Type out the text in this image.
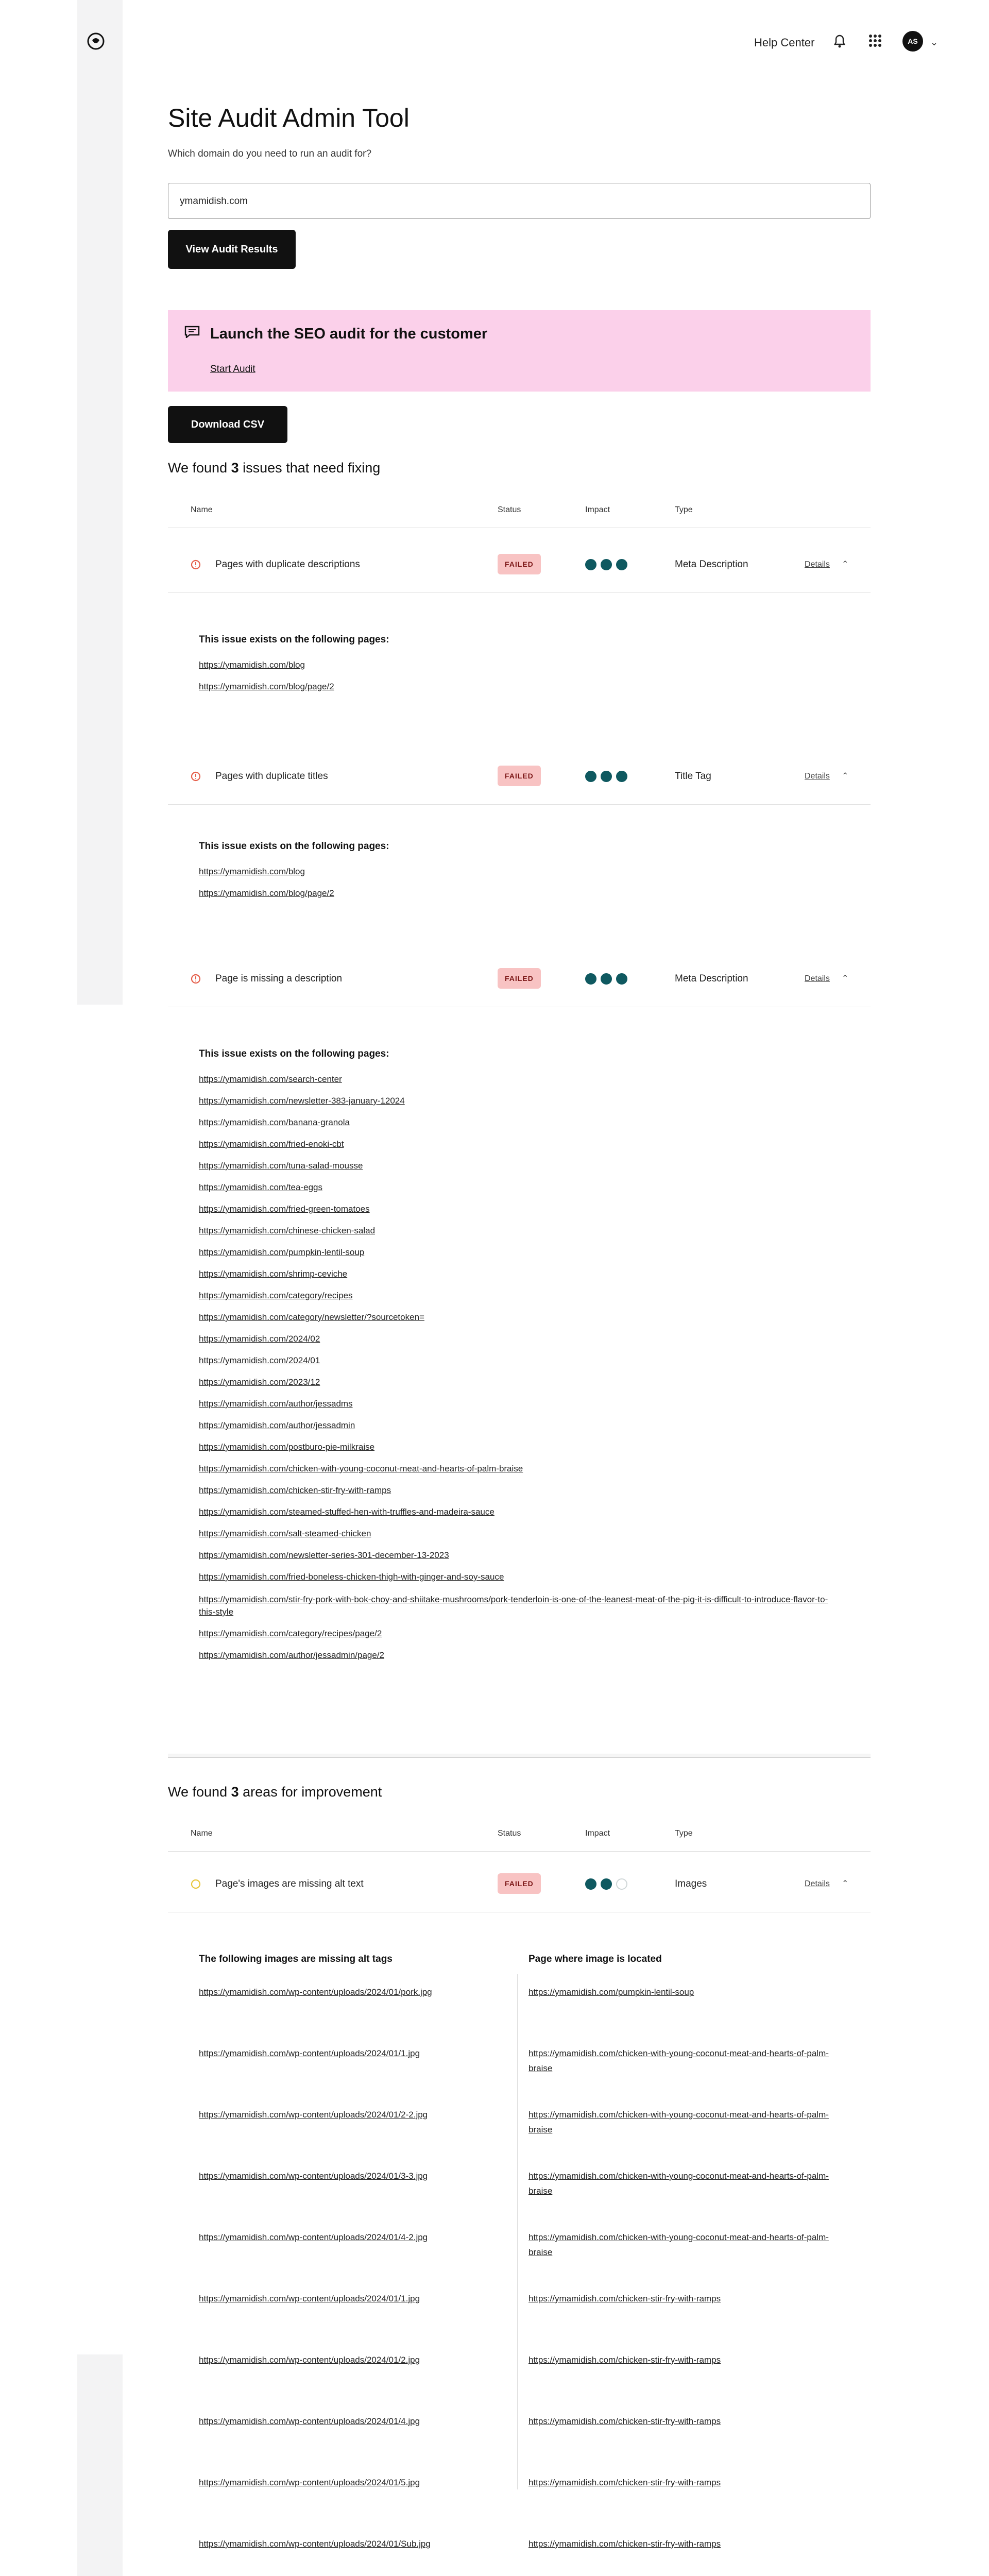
Help Center	AS	⌄
Site Audit Admin Tool
Which domain do you need to run an audit for?
ymamidish.com
View Audit Results
Launch the SEO audit for the customer
Start Audit
Download CSV
We found 3 issues that need fixing
Name	Status	Impact	Type
Pages with duplicate descriptions	FAILED	Meta Description	Details ⌃
This issue exists on the following pages:
https://ymamidish.com/blog
https://ymamidish.com/blog/page/2
Pages with duplicate titles	FAILED	Title Tag	Details ⌃
This issue exists on the following pages:
https://ymamidish.com/blog
https://ymamidish.com/blog/page/2
Page is missing a description	FAILED	Meta Description	Details ⌃
This issue exists on the following pages:
https://ymamidish.com/search-center
https://ymamidish.com/newsletter-383-january-12024
https://ymamidish.com/banana-granola
https://ymamidish.com/fried-enoki-cbt
https://ymamidish.com/tuna-salad-mousse
https://ymamidish.com/tea-eggs
https://ymamidish.com/fried-green-tomatoes
https://ymamidish.com/chinese-chicken-salad
https://ymamidish.com/pumpkin-lentil-soup
https://ymamidish.com/shrimp-ceviche
https://ymamidish.com/category/recipes
https://ymamidish.com/category/newsletter/?sourcetoken=
https://ymamidish.com/2024/02
https://ymamidish.com/2024/01
https://ymamidish.com/2023/12
https://ymamidish.com/author/jessadms
https://ymamidish.com/author/jessadmin
https://ymamidish.com/postburo-pie-milkraise
https://ymamidish.com/chicken-with-young-coconut-meat-and-hearts-of-palm-braise
https://ymamidish.com/chicken-stir-fry-with-ramps
https://ymamidish.com/steamed-stuffed-hen-with-truffles-and-madeira-sauce
https://ymamidish.com/salt-steamed-chicken
https://ymamidish.com/newsletter-series-301-december-13-2023
https://ymamidish.com/fried-boneless-chicken-thigh-with-ginger-and-soy-sauce
https://ymamidish.com/stir-fry-pork-with-bok-choy-and-shiitake-mushrooms/pork-tenderloin-is-one-of-the-leanest-meat-of-the-pig-it-is-difficult-to-introduce-flavor-to-this-style
https://ymamidish.com/category/recipes/page/2
https://ymamidish.com/author/jessadmin/page/2
We found 3 areas for improvement
Name	Status	Impact	Type
Page's images are missing alt text	FAILED	Images	Details ⌃
The following images are missing alt tags	Page where image is located
https://ymamidish.com/wp-content/uploads/2024/01/pork.jpg	https://ymamidish.com/pumpkin-lentil-soup
https://ymamidish.com/wp-content/uploads/2024/01/1.jpg	https://ymamidish.com/chicken-with-young-coconut-meat-and-hearts-of-palm-braise
https://ymamidish.com/wp-content/uploads/2024/01/2-2.jpg	https://ymamidish.com/chicken-with-young-coconut-meat-and-hearts-of-palm-braise
https://ymamidish.com/wp-content/uploads/2024/01/3-3.jpg	https://ymamidish.com/chicken-with-young-coconut-meat-and-hearts-of-palm-braise
https://ymamidish.com/wp-content/uploads/2024/01/4-2.jpg	https://ymamidish.com/chicken-with-young-coconut-meat-and-hearts-of-palm-braise
https://ymamidish.com/wp-content/uploads/2024/01/1.jpg	https://ymamidish.com/chicken-stir-fry-with-ramps
https://ymamidish.com/wp-content/uploads/2024/01/2.jpg	https://ymamidish.com/chicken-stir-fry-with-ramps
https://ymamidish.com/wp-content/uploads/2024/01/4.jpg	https://ymamidish.com/chicken-stir-fry-with-ramps
https://ymamidish.com/wp-content/uploads/2024/01/5.jpg	https://ymamidish.com/chicken-stir-fry-with-ramps
https://ymamidish.com/wp-content/uploads/2024/01/Sub.jpg	https://ymamidish.com/chicken-stir-fry-with-ramps
